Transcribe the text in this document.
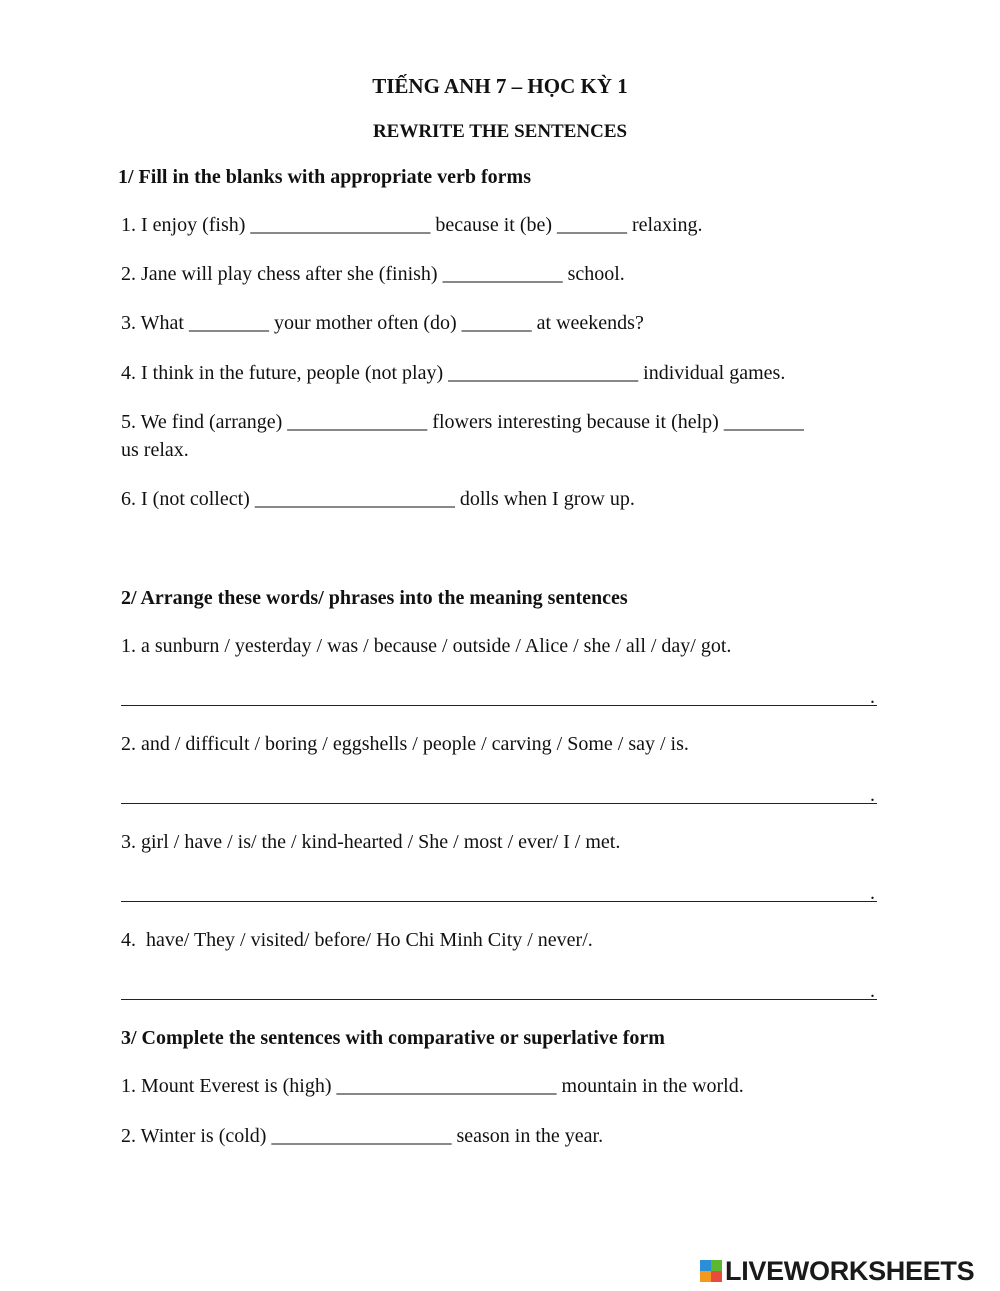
TIẾNG ANH 7 – HỌC KỲ 1
REWRITE THE SENTENCES
1/ Fill in the blanks with appropriate verb forms
1. I enjoy (fish) __________________ because it (be) _______ relaxing.
2. Jane will play chess after she (finish) ____________ school.
3. What ________ your mother often (do) _______ at weekends?
4. I think in the future, people (not play) ___________________ individual games.
5. We find (arrange) ______________ flowers interesting because it (help) ________
us relax.
6. I (not collect) ____________________ dolls when I grow up.
2/ Arrange these words/ phrases into the meaning sentences
1. a sunburn / yesterday / was / because / outside / Alice / she / all / day/ got.
.
2. and / difficult / boring / eggshells / people / carving / Some / say / is.
.
3. girl / have / is/ the / kind-hearted / She / most / ever/ I / met.
.
4.  have/ They / visited/ before/ Ho Chi Minh City / never/.
.
3/ Complete the sentences with comparative or superlative form
1. Mount Everest is (high) ______________________ mountain in the world.
2. Winter is (cold) __________________ season in the year.
LIVEWORKSHEETS
